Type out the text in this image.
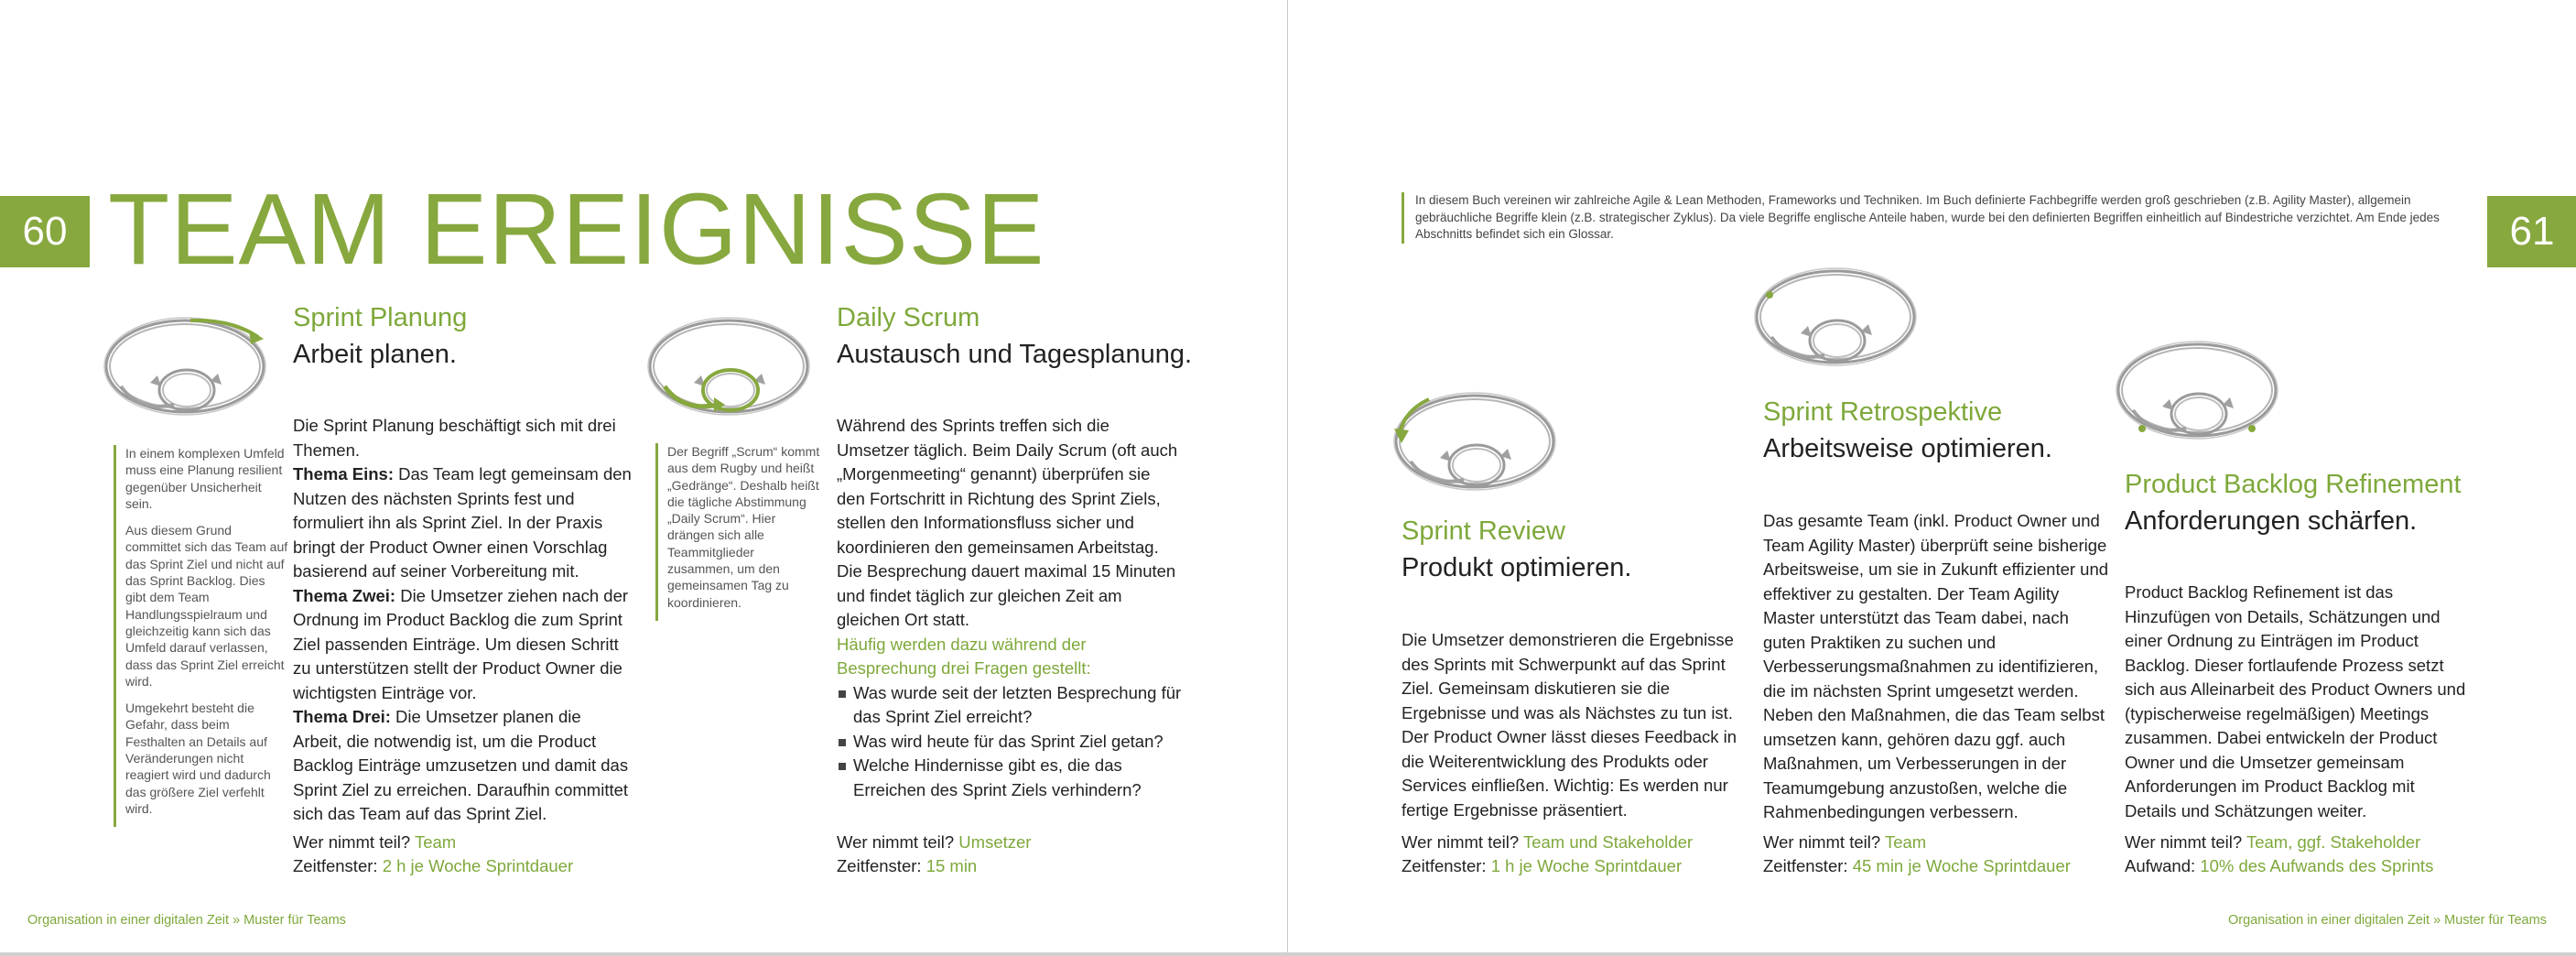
60 TEAM EREIGNISSE
Sprint Planung
Arbeit planen.

Die Sprint Planung beschäftigt sich mit drei Themen.

Thema Eins: Das Team legt gemeinsam den Nutzen des nächsten Sprints fest und formuliert ihn als Sprint Ziel. In der Praxis bringt der Product Owner einen Vorschlag basierend auf seiner Vorbereitung mit.

Thema Zwei: Die Umsetzer ziehen nach der Ordnung im Product Backlog die zum Sprint Ziel passenden Einträge. Um diesen Schritt zu unterstützen stellt der Product Owner die wichtigsten Einträge vor.

Thema Drei: Die Umsetzer planen die Arbeit, die notwendig ist, um die Product Backlog Einträge umzusetzen und damit das Sprint Ziel zu erreichen. Daraufhin committet sich das Team auf das Sprint Ziel.

Wer nimmt teil? Team
Zeitfenster: 2 h je Woche Sprintdauer

In einem komplexen Umfeld muss eine Planung resilient gegenüber Unsicherheit sein.

Aus diesem Grund committet sich das Team auf das Sprint Ziel und nicht auf das Sprint Backlog. Dies gibt dem Team Handlungsspielraum und gleichzeitig kann sich das Umfeld darauf verlassen, dass das Sprint Ziel erreicht wird.

Umgekehrt besteht die Gefahr, dass beim Festhalten an Details auf Veränderungen nicht reagiert wird und dadurch das größere Ziel verfehlt wird.

Daily Scrum
Austausch und Tagesplanung.

Während des Sprints treffen sich die Umsetzer täglich. Beim Daily Scrum (oft auch „Morgenmeeting“ genannt) überprüfen sie den Fortschritt in Richtung des Sprint Ziels, stellen den Informationsfluss sicher und koordinieren den gemeinsamen Arbeitstag. Die Besprechung dauert maximal 15 Minuten und findet täglich zur gleichen Zeit am gleichen Ort statt.

Häufig werden dazu während der Besprechung drei Fragen gestellt:

Was wurde seit der letzten Besprechung für das Sprint Ziel erreicht?
Was wird heute für das Sprint Ziel getan?
Welche Hindernisse gibt es, die das Erreichen des Sprint Ziels verhindern?
Wer nimmt teil? Umsetzer
Zeitfenster: 15 min

Der Begriff „Scrum“ kommt aus dem Rugby und heißt „Gedränge“. Deshalb heißt die tägliche Abstimmung „Daily Scrum“. Hier drängen sich alle Teammitglieder zusammen, um den gemeinsamen Tag zu koordinieren.

Organisation in einer digitalen Zeit » Muster für Teams
61
In diesem Buch vereinen wir zahlreiche Agile & Lean Methoden, Frameworks und Techniken. Im Buch definierte Fachbegriffe werden groß geschrieben (z.B. Agility Master), allgemein gebräuchliche Begriffe klein (z.B. strategischer Zyklus). Da viele Begriffe englische Anteile haben, wurde bei den definierten Begriffen einheitlich auf Bindestriche verzichtet. Am Ende jedes Abschnitts befindet sich ein Glossar.
Sprint Review
Produkt optimieren.

Die Umsetzer demonstrieren die Ergebnisse des Sprints mit Schwerpunkt auf das Sprint Ziel. Gemeinsam diskutieren sie die Ergebnisse und was als Nächstes zu tun ist. Der Product Owner lässt dieses Feedback in die Weiterentwicklung des Produkts oder Services einfließen. Wichtig: Es werden nur fertige Ergebnisse präsentiert.

Wer nimmt teil? Team und Stakeholder
Zeitfenster: 1 h je Woche Sprintdauer
Sprint Retrospektive
Arbeitsweise optimieren.

Das gesamte Team (inkl. Product Owner und Team Agility Master) überprüft seine bisherige Arbeitsweise, um sie in Zukunft effizienter und effektiver zu gestalten. Der Team Agility Master unterstützt das Team dabei, nach guten Praktiken zu suchen und Verbesserungsmaßnahmen zu identifizieren, die im nächsten Sprint umgesetzt werden. Neben den Maßnahmen, die das Team selbst umsetzen kann, gehören dazu ggf. auch Maßnahmen, um Verbesserungen in der Teamumgebung anzustoßen, welche die Rahmenbedingungen verbessern.

Wer nimmt teil? Team
Zeitfenster: 45 min je Woche Sprintdauer
Product Backlog Refinement
Anforderungen schärfen.

Product Backlog Refinement ist das Hinzufügen von Details, Schätzungen und einer Ordnung zu Einträgen im Product Backlog. Dieser fortlaufende Prozess setzt sich aus Alleinarbeit des Product Owners und (typischerweise regelmäßigen) Meetings zusammen. Dabei entwickeln der Product Owner und die Umsetzer gemeinsam Anforderungen im Product Backlog mit Details und Schätzungen weiter.

Wer nimmt teil? Team, ggf. Stakeholder
Aufwand: 10% des Aufwands des Sprints
Organisation in einer digitalen Zeit » Muster für Teams
